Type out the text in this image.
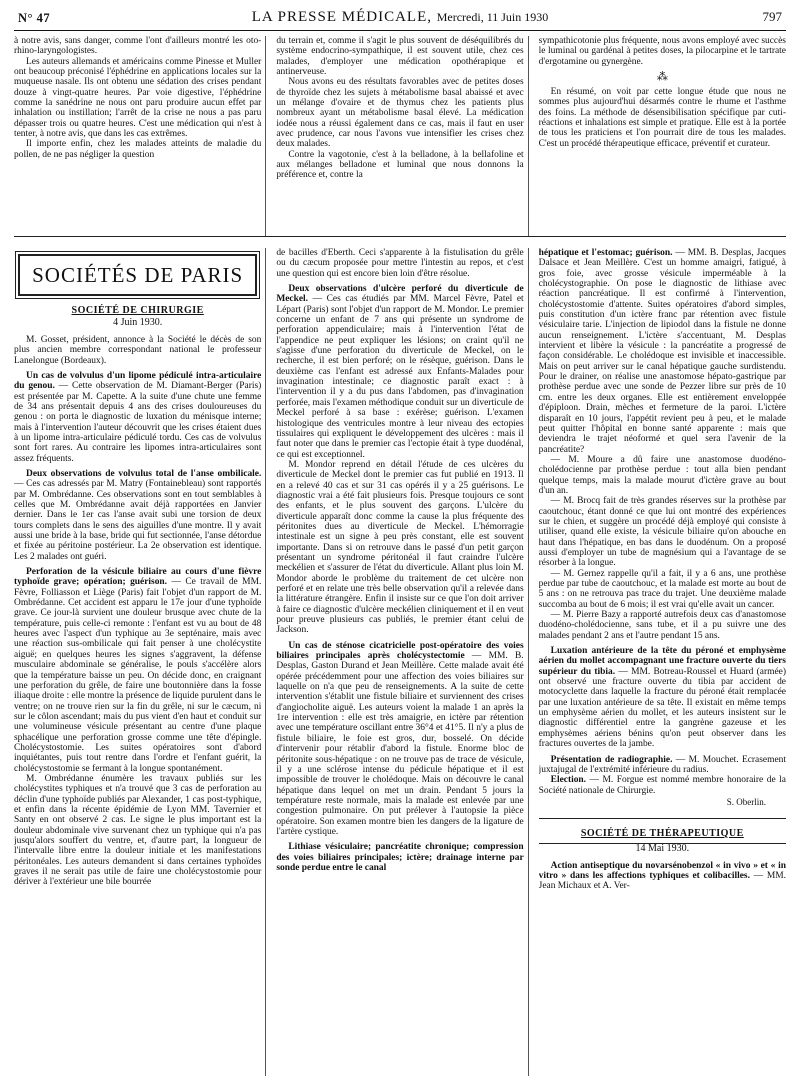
N° 47	LA PRESSE MÉDICALE, Mercredi, 11 Juin 1930	797

à notre avis, sans danger, comme l'ont d'ailleurs montré les oto-rhino-laryngologistes.

Les auteurs allemands et américains comme Pinesse et Muller ont beaucoup préconisé l'éphédrine en applications locales sur la muqueuse nasale. Ils ont obtenu une sédation des crises pendant douze à vingt-quatre heures. Par voie digestive, l'éphédrine comme la sanédrine ne nous ont paru produire aucun effet par inhalation ou instillation; l'arrêt de la crise ne nous a pas paru dépasser trois ou quatre heures. C'est une médication qui n'est à tenter, à notre avis, que dans les cas extrêmes.

Il importe enfin, chez les malades atteints de maladie du pollen, de ne pas négliger la question

du terrain et, comme il s'agit le plus souvent de déséquilibrés du système endocrino-sympathique, il est souvent utile, chez ces malades, d'employer une médication opothérapique et antinerveuse.

Nous avons eu des résultats favorables avec de petites doses de thyroïde chez les sujets à métabolisme basal abaissé et avec un mélange d'ovaire et de thymus chez les patients plus nombreux ayant un métabolisme basal élevé. La médication iodée nous a réussi également dans ce cas, mais il faut en user avec prudence, car nous l'avons vue intensifier les crises chez deux malades.

Contre la vagotonie, c'est à la belladone, à la bellafoline et aux mélanges belladone et luminal que nous donnons la préférence et, contre la

sympathicotonie plus fréquente, nous avons employé avec succès le luminal ou gardénal à petites doses, la pilocarpine et le tartrate d'ergotamine ou gynergène.

⁂

En résumé, on voit par cette longue étude que nous ne sommes plus aujourd'hui désarmés contre le rhume et l'asthme des foins. La méthode de désensibilisation spécifique par cuti-réactions et inhalations est simple et pratique. Elle est à la portée de tous les praticiens et l'on pourrait dire de tous les malades. C'est un procédé thérapeutique efficace, préventif et curateur.

SOCIÉTÉS DE PARIS
SOCIÉTÉ DE CHIRURGIE
4 Juin 1930.

M. Gosset, président, annonce à la Société le décès de son plus ancien membre correspondant national le professeur Lanelongue (Bordeaux).

Un cas de volvulus d'un lipome pédiculé intra-articulaire du genou. — Cette observation de M. Diamant-Berger (Paris) est présentée par M. Capette. A la suite d'une chute une femme de 34 ans présentait depuis 4 ans des crises douloureuses du genou : on porta le diagnostic de luxation du ménisque interne; mais à l'intervention l'auteur découvrit que les crises étaient dues à un lipome intra-articulaire pédiculé tordu. Ces cas de volvulus sont fort rares. Au contraire les lipomes intra-articulaires sont assez fréquents.

Deux observations de volvulus total de l'anse ombilicale. — Ces cas adressés par M. Matry (Fontainebleau) sont rapportés par M. Ombrédanne. Ces observations sont en tout semblables à celles que M. Ombrédanne avait déjà rapportées en Janvier dernier. Dans le 1er cas l'anse avait subi une torsion de deux tours complets dans le sens des aiguilles d'une montre. Il y avait aussi une bride à la base, bride qui fut sectionnée, l'anse détordue et fixée au péritoine postérieur. La 2e observation est identique. Les 2 malades ont guéri.

Perforation de la vésicule biliaire au cours d'une fièvre typhoïde grave; opération; guérison. — Ce travail de MM. Fèvre, Folliasson et Liège (Paris) fait l'objet d'un rapport de M. Ombrédanne. Cet accident est apparu le 17e jour d'une typhoïde grave. Ce jour-là survient une douleur brusque avec chute de la température, puis celle-ci remonte : l'enfant est vu au bout de 48 heures avec l'aspect d'un typhique au 3e septénaire, mais avec une réaction sus-ombilicale qui fait penser à une cholécystite aiguë; en quelques heures les signes s'aggravent, la défense musculaire abdominale se généralise, le pouls s'accélère alors que la température baisse un peu. On décide donc, en craignant une perforation du grêle, de faire une boutonnière dans la fosse iliaque droite : elle montre la présence de liquide purulent dans le ventre; on ne trouve rien sur la fin du grêle, ni sur le cæcum, ni sur le côlon ascendant; mais du pus vient d'en haut et conduit sur une volumineuse vésicule présentant au centre d'une plaque sphacélique une perforation grosse comme une tête d'épingle. Cholécystostomie. Les suites opératoires sont d'abord inquiétantes, puis tout rentre dans l'ordre et l'enfant guérit, la cholécystostomie se fermant à la longue spontanément.

M. Ombrédanne énumère les travaux publiés sur les cholécystites typhiques et n'a trouvé que 3 cas de perforation au déclin d'une typhoïde publiés par Alexander, 1 cas post-typhique, et enfin dans la récente épidémie de Lyon MM. Tavernier et Santy en ont observé 2 cas. Le signe le plus important est la douleur abdominale vive survenant chez un typhique qui n'a pas jusqu'alors souffert du ventre, et, d'autre part, la longueur de l'intervalle libre entre la douleur initiale et les manifestations péritonéales. Les auteurs demandent si dans certaines typhoïdes graves il ne serait pas utile de faire une cholécystostomie pour dériver à l'extérieur une bile bourrée

de bacilles d'Eberth. Ceci s'apparente à la fistulisation du grêle ou du cæcum proposée pour mettre l'intestin au repos, et c'est une question qui est encore bien loin d'être résolue.

Deux observations d'ulcère perforé du diverticule de Meckel. — Ces cas étudiés par MM. Marcel Fèvre, Patel et Lépart (Paris) sont l'objet d'un rapport de M. Mondor. Le premier concerne un enfant de 7 ans qui présente un syndrome de perforation appendiculaire; mais à l'intervention l'état de l'appendice ne peut expliquer les lésions; on craint qu'il ne s'agisse d'une perforation du diverticule de Meckel, on le recherche, il est bien perforé; on le résèque, guérison. Dans le deuxième cas l'enfant est adressé aux Enfants-Malades pour invagination intestinale; ce diagnostic paraît exact : à l'intervention il y a du pus dans l'abdomen, pas d'invagination perforée, mais l'examen méthodique conduit sur un diverticule de Meckel perforé à sa base : exérèse; guérison. L'examen histologique des ventricules montre à leur niveau des ectopies tissulaires qui expliquent le développement des ulcères : mais il faut noter que dans le premier cas l'ectopie était à type duodénal, ce qui est exceptionnel.

M. Mondor reprend en détail l'étude de ces ulcères du diverticule de Meckel dont le premier cas fut publié en 1913. Il en a relevé 40 cas et sur 31 cas opérés il y a 25 guérisons. Le diagnostic vrai a été fait plusieurs fois. Presque toujours ce sont des enfants, et le plus souvent des garçons. L'ulcère du diverticule apparaît donc comme la cause la plus fréquente des péritonites dues au diverticule de Meckel. L'hémorragie intestinale est un signe à peu près constant, elle est souvent importante. Dans si on retrouve dans le passé d'un petit garçon présentant un syndrome péritonéal il faut craindre l'ulcère meckélien et s'assurer de l'état du diverticule. Allant plus loin M. Mondor aborde le problème du traitement de cet ulcère non perforé et en relate une très belle observation qu'il a relevée dans la littérature étrangère. Enfin il insiste sur ce que l'on doit arriver à faire ce diagnostic d'ulcère meckélien cliniquement et il en veut pour preuve plusieurs cas publiés, le premier étant celui de Jackson.

Un cas de sténose cicatricielle post-opératoire des voies biliaires principales après cholécystectomie — MM. B. Desplas, Gaston Durand et Jean Meillère. Cette malade avait été opérée précédemment pour une affection des voies biliaires sur laquelle on n'a que peu de renseignements. A la suite de cette intervention s'établit une fistule biliaire et surviennent des crises d'angiocholite aiguë. Les auteurs voient la malade 1 an après la 1re intervention : elle est très amaigrie, en ictère par rétention avec une température oscillant entre 36°4 et 41°5. Il n'y a plus de fistule biliaire, le foie est gros, dur, bosselé. On décide d'intervenir pour rétablir d'abord la fistule. Enorme bloc de péritonite sous-hépatique : on ne trouve pas de trace de vésicule, il y a une sclérose intense du pédicule hépatique et il est impossible de trouver le cholédoque. Mais on découvre le canal hépatique dans lequel on met un drain. Pendant 5 jours la température reste normale, mais la malade est enlevée par une congestion pulmonaire. On put prélever à l'autopsie la pièce opératoire. Son examen montre bien les dangers de la ligature de l'artère cystique.

Lithiase vésiculaire; pancréatite chronique; compression des voies biliaires principales; ictère; drainage interne par sonde perdue entre le canal

hépatique et l'estomac; guérison. — MM. B. Desplas, Jacques Dalsace et Jean Meillère. C'est un homme amaigri, fatigué, à gros foie, avec grosse vésicule imperméable à la cholécystographie. On pose le diagnostic de lithiase avec réaction pancréatique. Il est confirmé à l'intervention, cholécystostomie d'attente. Suites opératoires d'abord simples, puis constitution d'un ictère franc par rétention avec fistule vésiculaire tarie. L'injection de lipiodol dans la fistule ne donne aucun renseignement. L'ictère s'accentuant, M. Desplas intervient et libère la vésicule : la pancréatite a progressé de façon considérable. Le cholédoque est invisible et inaccessible. Mais on peut arriver sur le canal hépatique gauche surdistendu. Pour le drainer, on réalise une anastomose hépato-gastrique par prothèse perdue avec une sonde de Pezzer libre sur près de 10 cm. entre les deux organes. Elle est entièrement enveloppée d'épiploon. Drain, mèches et fermeture de la paroi. L'ictère disparaît en 10 jours, l'appétit revient peu à peu, et le malade peut quitter l'hôpital en bonne santé apparente : mais que deviendra le trajet néoformé et quel sera l'avenir de la pancréatite?

— M. Moure a dû faire une anastomose duodéno-cholédocienne par prothèse perdue : tout alla bien pendant quelque temps, mais la malade mourut d'ictère grave au bout d'un an.

— M. Brocq fait de très grandes réserves sur la prothèse par caoutchouc, étant donné ce que lui ont montré des expériences sur le chien, et suggère un procédé déjà employé qui consiste à utiliser, quand elle existe, la vésicule biliaire qu'on abouche en haut dans l'hépatique, en bas dans le duodénum. On a proposé aussi d'employer un tube de magnésium qui a l'avantage de se résorber à la longue.

— M. Gernez rappelle qu'il a fait, il y a 6 ans, une prothèse perdue par tube de caoutchouc, et la malade est morte au bout de 5 ans : on ne retrouva pas trace du trajet. Une deuxième malade succomba au bout de 6 mois; il est vrai qu'elle avait un cancer.

— M. Pierre Bazy a rapporté autrefois deux cas d'anastomose duodéno-cholédocienne, sans tube, et il a pu suivre une des malades pendant 2 ans et l'autre pendant 15 ans.

Luxation antérieure de la tête du péroné et emphysème aérien du mollet accompagnant une fracture ouverte du tiers supérieur du tibia. — MM. Botreau-Roussel et Huard (armée) ont observé une fracture ouverte du tibia par accident de motocyclette dans laquelle la fracture du péroné était remplacée par une luxation antérieure de sa tête. Il existait en même temps un emphysème aérien du mollet, et les auteurs insistent sur le diagnostic différentiel entre la gangrène gazeuse et les emphysèmes aériens bénins qu'on peut observer dans les fractures ouvertes de la jambe.

Présentation de radiographie. — M. Mouchet. Ecrasement juxtajugal de l'extrémité inférieure du radius.

Election. — M. Forgue est nommé membre honoraire de la Société nationale de Chirurgie.

S. Oberlin.
SOCIÉTÉ DE THÉRAPEUTIQUE
14 Mai 1930.

Action antiseptique du novarsénobenzol « in vivo » et « in vitro » dans les affections typhiques et colibacilles. — MM. Jean Michaux et A. Ver-
